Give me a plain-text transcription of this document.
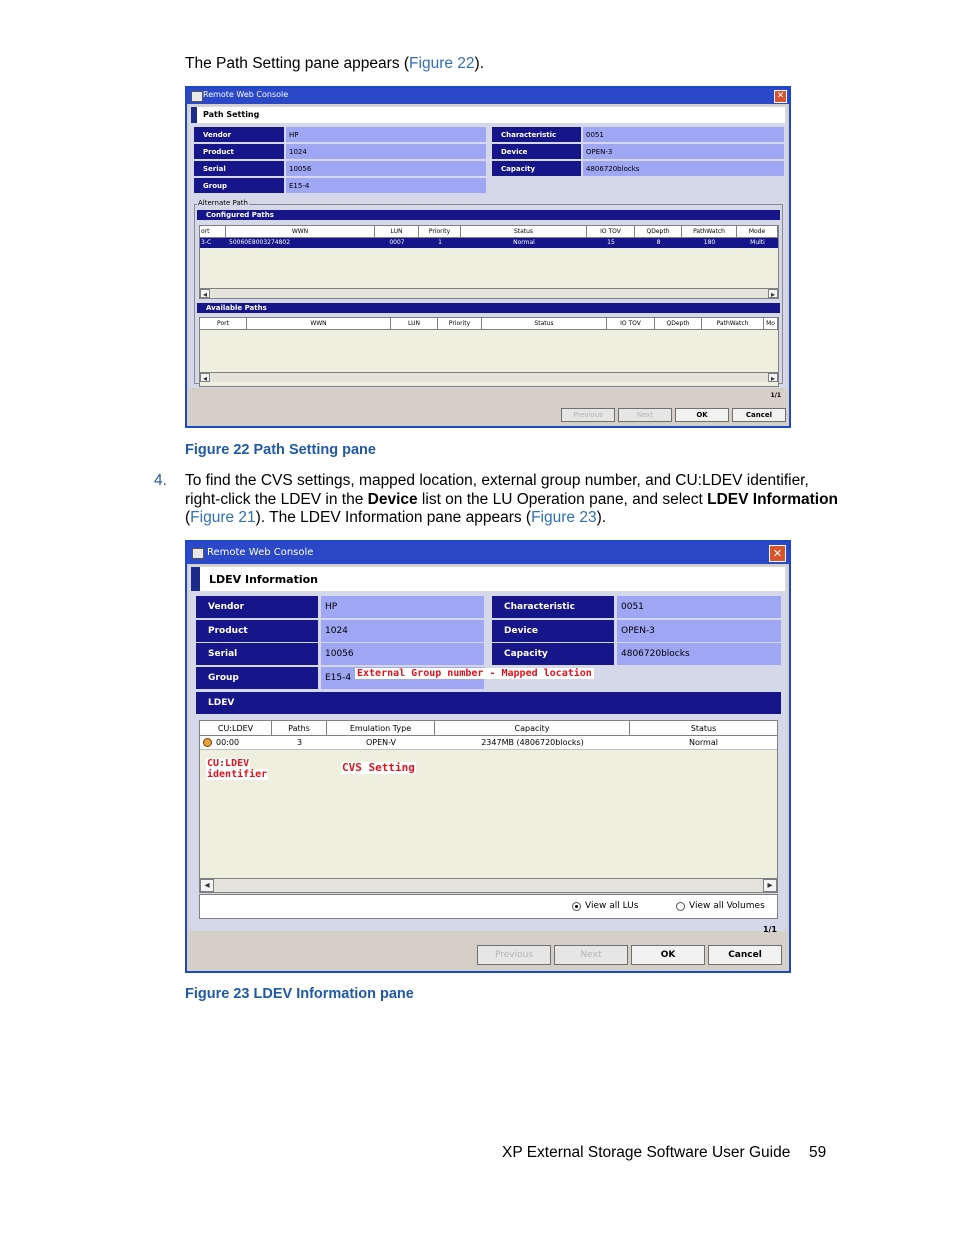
The Path Setting pane appears (Figure 22).
Remote Web Console	✕
Path Setting
Vendor	HP
Product	1024
Serial	10056
Group	E15-4
Characteristic	0051
Device	OPEN-3
Capacity	4806720blocks
Alternate Path
Configured Paths
ort	WWN	LUN	Priority	Status	IO TOV	QDepth	PathWatch	Mode
3-C	50060E8003274802	0007	1	Normal	15	8	180	Multi
◂	▸
Available Paths
Port	WWN	LUN	Priority	Status	IO TOV	QDepth	PathWatch	Mo
◂	▸
1/1
Previous	Next	OK	Cancel
Figure 22 Path Setting pane
4. To find the CVS settings, mapped location, external group number, and CU:LDEV identifier,
right-click the LDEV in the Device list on the LU Operation pane, and select LDEV Information
(Figure 21). The LDEV Information pane appears (Figure 23).
Remote Web Console	✕
LDEV Information
Vendor	HP
Product	1024
Serial	10056
Group	E15-4
Characteristic	0051
Device	OPEN-3
Capacity	4806720blocks
External Group number - Mapped location
LDEV
CU:LDEV	Paths	Emulation Type	Capacity	Status
00:00	3	OPEN-V	2347MB (4806720blocks)	Normal
◂	▸
CU:LDEV
identifier
CVS Setting
View all LUs	View all Volumes
1/1
Previous	Next	OK	Cancel
Figure 23 LDEV Information pane
XP External Storage Software User Guide 59
